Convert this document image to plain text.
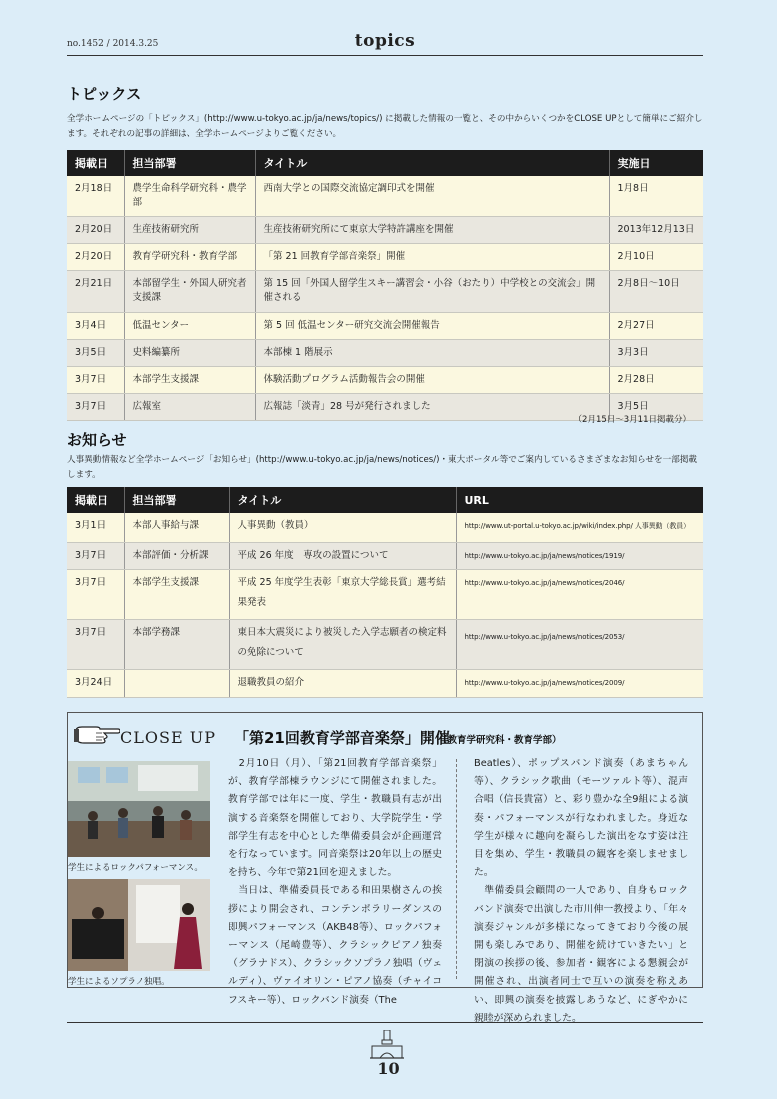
no.1452 / 2014.3.25	topics
トピックス
全学ホームページの「トピックス」(http://www.u-tokyo.ac.jp/ja/news/topics/) に掲載した情報の一覧と、その中からいくつかをCLOSE UPとして簡単にご紹介します。それぞれの記事の詳細は、全学ホームページよりご覧ください。
掲載日	担当部署	タイトル	実施日
2月18日	農学生命科学研究科・農学部	西南大学との国際交流協定調印式を開催	1月8日
2月20日	生産技術研究所	生産技術研究所にて東京大学特許講座を開催	2013年12月13日
2月20日	教育学研究科・教育学部	「第 21 回教育学部音楽祭」開催	2月10日
2月21日	本部留学生・外国人研究者支援課	第 15 回「外国人留学生スキー講習会・小谷（おたり）中学校との交流会」開催される	2月8日〜10日
3月4日	低温センター	第 5 回 低温センター研究交流会開催報告	2月27日
3月5日	史料編纂所	本部棟 1 階展示	3月3日
3月7日	本部学生支援課	体験活動プログラム活動報告会の開催	2月28日
3月7日	広報室	広報誌「淡青」28 号が発行されました	3月5日
（2月15日〜3月11日掲載分）
お知らせ
人事異動情報など全学ホームページ「お知らせ」(http://www.u-tokyo.ac.jp/ja/news/notices/)・東大ポータル等でご案内しているさまざまなお知らせを一部掲載します。
掲載日	担当部署	タイトル	URL
3月1日	本部人事給与課	人事異動（教員）	http://www.ut-portal.u-tokyo.ac.jp/wiki/index.php/ 人事異動（教員）
3月7日	本部評価・分析課	平成 26 年度　専攻の設置について	http://www.u-tokyo.ac.jp/ja/news/notices/1919/
3月7日	本部学生支援課	平成 25 年度学生表彰「東京大学総長賞」選考結果発表	http://www.u-tokyo.ac.jp/ja/news/notices/2046/
3月7日	本部学務課	東日本大震災により被災した入学志願者の検定料の免除について	http://www.u-tokyo.ac.jp/ja/news/notices/2053/
3月24日		退職教員の紹介	http://www.u-tokyo.ac.jp/ja/news/notices/2009/
CLOSE UP 「第21回教育学部音楽祭」開催
（教育学研究科・教育学部）
学生によるロックパフォーマンス。
学生によるソプラノ独唱。
　2月10日（月）、「第21回教育学部音楽祭」が、教育学部棟ラウンジにて開催されました。教育学部では年に一度、学生・教職員有志が出演する音楽祭を開催しており、大学院学生・学部学生有志を中心とした準備委員会が企画運営を行なっています。同音楽祭は20年以上の歴史を持ち、今年で第21回を迎えました。
　当日は、準備委員長である和田果樹さんの挨拶により開会され、コンテンポラリーダンスの即興パフォーマンス（AKB48等）、ロックパフォーマンス（尾崎豊等）、クラシックピアノ独奏（グラナドス）、クラシックソプラノ独唱（ヴェルディ）、ヴァイオリン・ピアノ協奏（チャイコフスキー等）、ロックバンド演奏（The
Beatles）、ポップスバンド演奏（あまちゃん等）、クラシック歌曲（モーツァルト等）、混声合唱（信長貴富）と、彩り豊かな全9組による演奏・パフォーマンスが行なわれました。身近な学生が様々に趣向を凝らした演出をなす姿は注目を集め、学生・教職員の観客を楽しませました。
　準備委員会顧問の一人であり、自身もロックバンド演奏で出演した市川伸一教授より、「年々演奏ジャンルが多様になってきており今後の展開も楽しみであり、開催を続けていきたい」と閉演の挨拶の後、参加者・観客による懇親会が開催され、出演者同士で互いの演奏を称えあい、即興の演奏を披露しあうなど、にぎやかに親睦が深められました。
10
